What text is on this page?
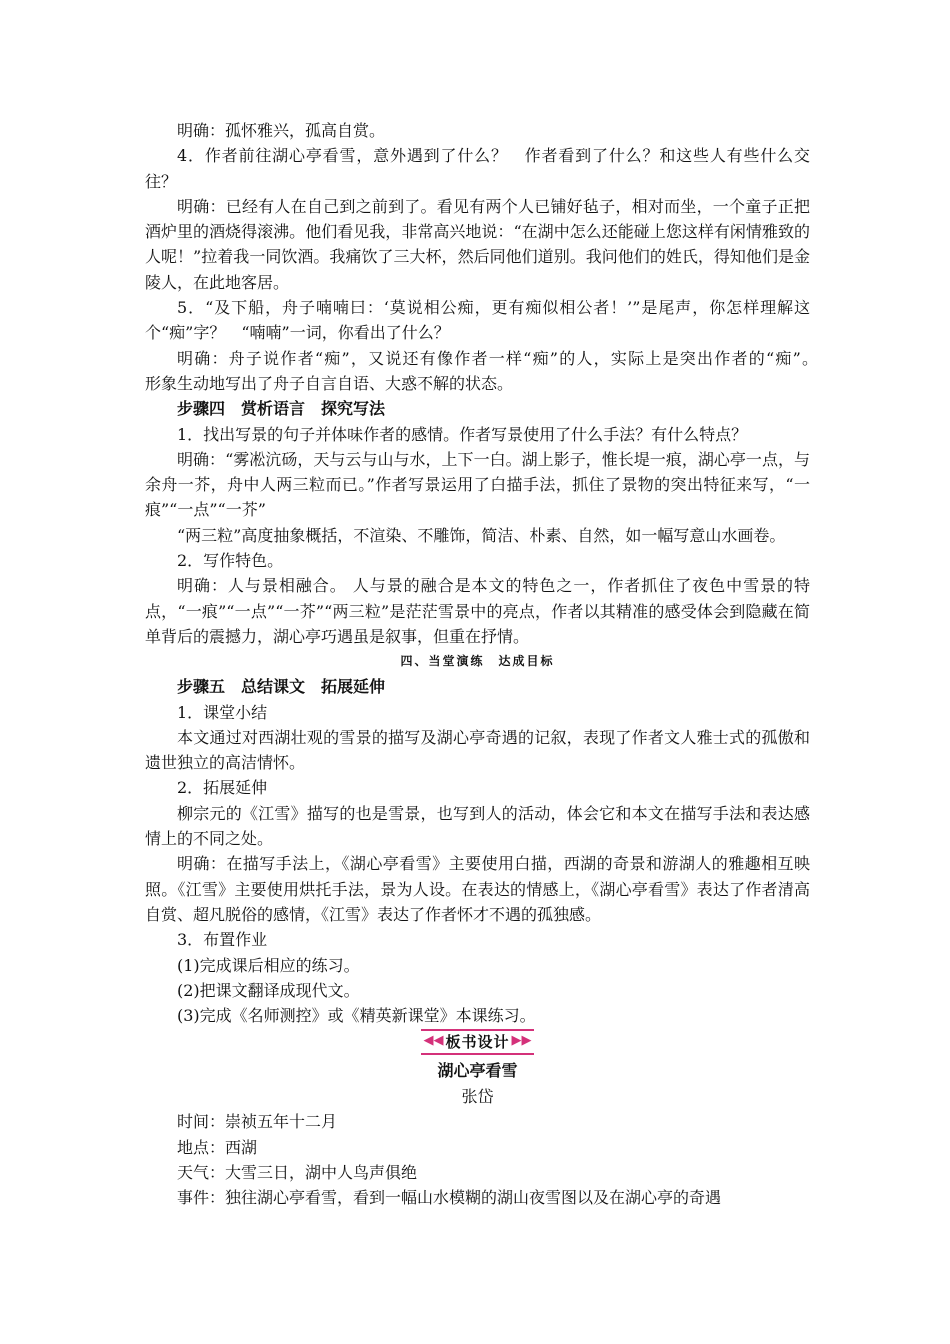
明确：孤怀雅兴，孤高自赏。

4．作者前往湖心亭看雪，意外遇到了什么？　作者看到了什么？和这些人有些什么交往？

明确：已经有人在自己到之前到了。看见有两个人已铺好毡子，相对而坐，一个童子正把酒炉里的酒烧得滚沸。他们看见我，非常高兴地说：“在湖中怎么还能碰上您这样有闲情雅致的人呢！”拉着我一同饮酒。我痛饮了三大杯，然后同他们道别。我问他们的姓氏，得知他们是金陵人，在此地客居。

5．“及下船，舟子喃喃曰：‘莫说相公痴，更有痴似相公者！’”是尾声，你怎样理解这个“痴”字？　“喃喃”一词，你看出了什么？

明确：舟子说作者“痴”，又说还有像作者一样“痴”的人，实际上是突出作者的“痴”。　　形象生动地写出了舟子自言自语、大惑不解的状态。

步骤四　赏析语言　探究写法

1．找出写景的句子并体味作者的感情。作者写景使用了什么手法？有什么特点？

明确：“雾凇沆砀，天与云与山与水，上下一白。湖上影子，惟长堤一痕，湖心亭一点，与余舟一芥，舟中人两三粒而已。”作者写景运用了白描手法，抓住了景物的突出特征来写，“一痕”“一点”“一芥”

“两三粒”高度抽象概括，不渲染、不雕饰，简洁、朴素、自然，如一幅写意山水画卷。

2．写作特色。

明确：人与景相融合。 人与景的融合是本文的特色之一，作者抓住了夜色中雪景的特点，“一痕”“一点”“一芥”“两三粒”是茫茫雪景中的亮点，作者以其精准的感受体会到隐藏在简单背后的震撼力，湖心亭巧遇虽是叙事，但重在抒情。

四、当堂演练　达成目标

步骤五　总结课文　拓展延伸

1．课堂小结

本文通过对西湖壮观的雪景的描写及湖心亭奇遇的记叙，表现了作者文人雅士式的孤傲和遗世独立的高洁情怀。

2．拓展延伸

柳宗元的《江雪》描写的也是雪景，也写到人的活动，体会它和本文在描写手法和表达感情上的不同之处。

明确：在描写手法上，《湖心亭看雪》主要使用白描，西湖的奇景和游湖人的雅趣相互映照。《江雪》主要使用烘托手法，景为人设。在表达的情感上，《湖心亭看雪》表达了作者清高自赏、超凡脱俗的感情，《江雪》表达了作者怀才不遇的孤独感。

3．布置作业

(1)完成课后相应的练习。

(2)把课文翻译成现代文。

(3)完成《名师测控》或《精英新课堂》本课练习。

◀◀ 板书设计 ▶▶
湖心亭看雪
张岱

时间：崇祯五年十二月

地点：西湖

天气：大雪三日，湖中人鸟声俱绝

事件：独往湖心亭看雪，看到一幅山水模糊的湖山夜雪图以及在湖心亭的奇遇
